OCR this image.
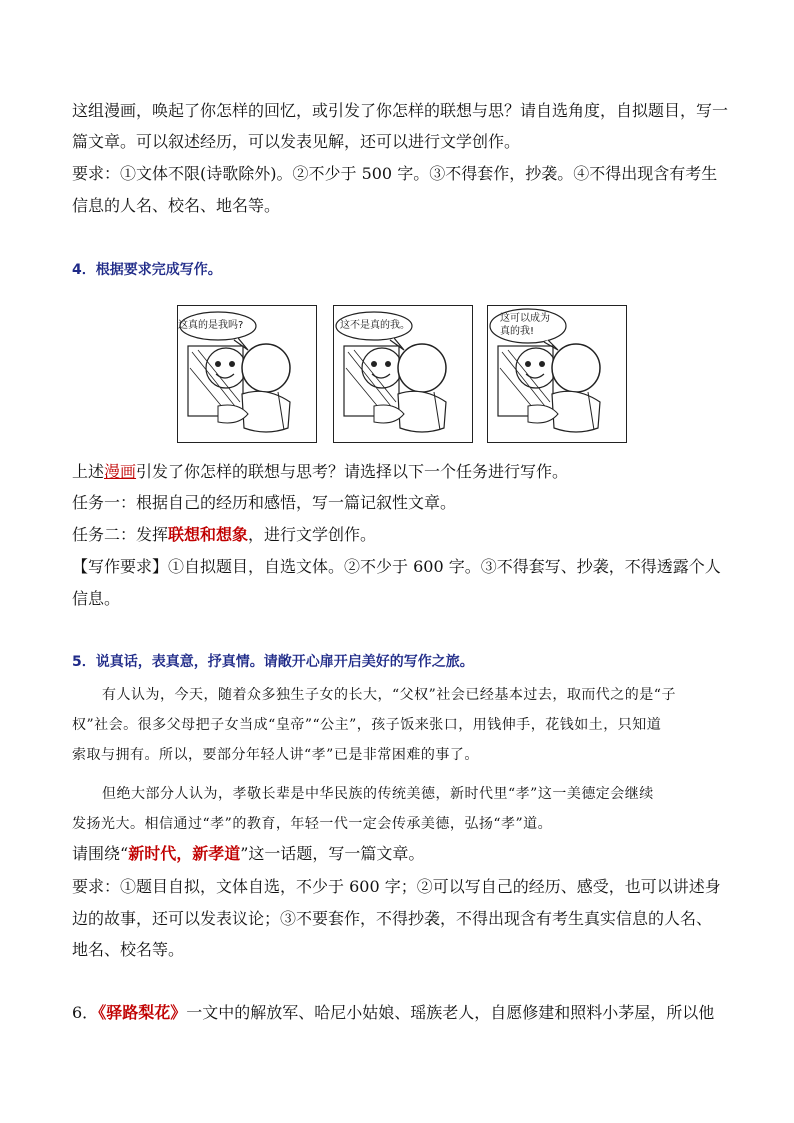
这组漫画，唤起了你怎样的回忆，或引发了你怎样的联想与思？请自选角度，自拟题目，写一
篇文章。可以叙述经历，可以发表见解，还可以进行文学创作。
要求：①文体不限(诗歌除外)。②不少于 500 字。③不得套作，抄袭。④不得出现含有考生
信息的人名、校名、地名等。
4．根据要求完成写作。
这真的是我吗?	这不是真的我。
这可以成为
真的我!
上述漫画引发了你怎样的联想与思考？请选择以下一个任务进行写作。
任务一：根据自己的经历和感悟，写一篇记叙性文章。
任务二：发挥联想和想象，进行文学创作。
【写作要求】①自拟题目，自选文体。②不少于 600 字。③不得套写、抄袭，不得透露个人
信息。
5．说真话，表真意，抒真情。请敞开心扉开启美好的写作之旅。
有人认为，今天，随着众多独生子女的长大，“父权”社会已经基本过去，取而代之的是“子
权”社会。很多父母把子女当成“皇帝”“公主”，孩子饭来张口，用钱伸手，花钱如土，只知道
索取与拥有。所以，要部分年轻人讲“孝”已是非常困难的事了。
但绝大部分人认为，孝敬长辈是中华民族的传统美德，新时代里“孝”这一美德定会继续
发扬光大。相信通过“孝”的教育，年轻一代一定会传承美德，弘扬“孝”道。
请围绕“新时代，新孝道”这一话题，写一篇文章。
要求：①题目自拟，文体自选，不少于 600 字；②可以写自己的经历、感受，也可以讲述身
边的故事，还可以发表议论；③不要套作，不得抄袭，不得出现含有考生真实信息的人名、
地名、校名等。
6．《驿路梨花》一文中的解放军、哈尼小姑娘、瑶族老人，自愿修建和照料小茅屋，所以他
